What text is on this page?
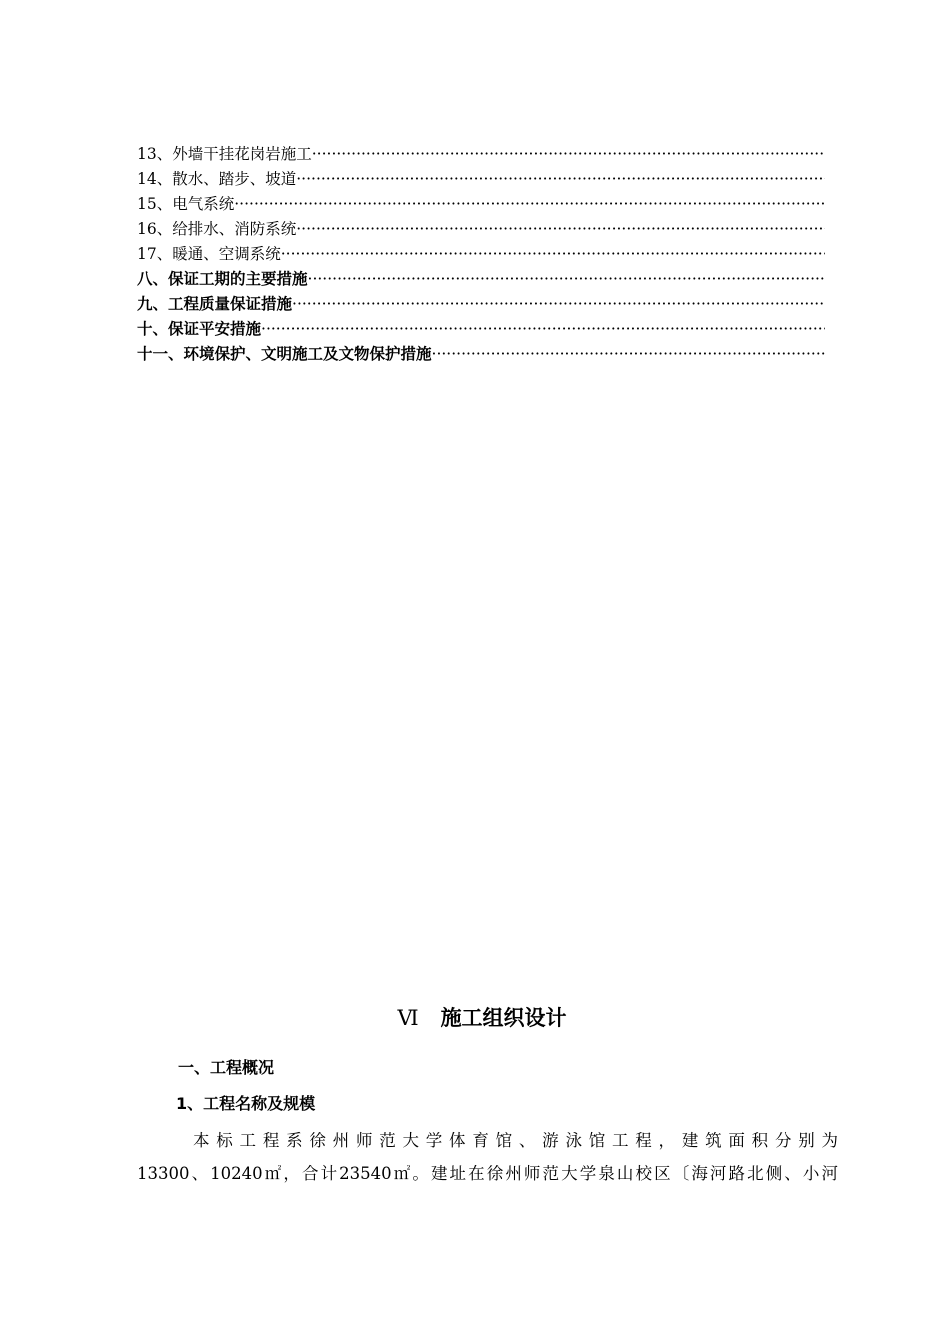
13、外墙干挂花岗岩施工
·····
14、散水、踏步、坡道
·····
15、电气系统
·····
16、给排水、消防系统
·····
17、暖通、空调系统
·····
八、保证工期的主要措施
·····
九、工程质量保证措施
·····
十、保证平安措施
·····
十一、环境保护、文明施工及文物保护措施
·····
Ⅵ 施工组织设计
一、工程概况
1、工程名称及规模
本标工程系徐州师范大学体育馆、游泳馆工程，建筑面积分别为
13300、10240㎡，合计23540㎡。建址在徐州师范大学泉山校区〔海河路北侧、小河
